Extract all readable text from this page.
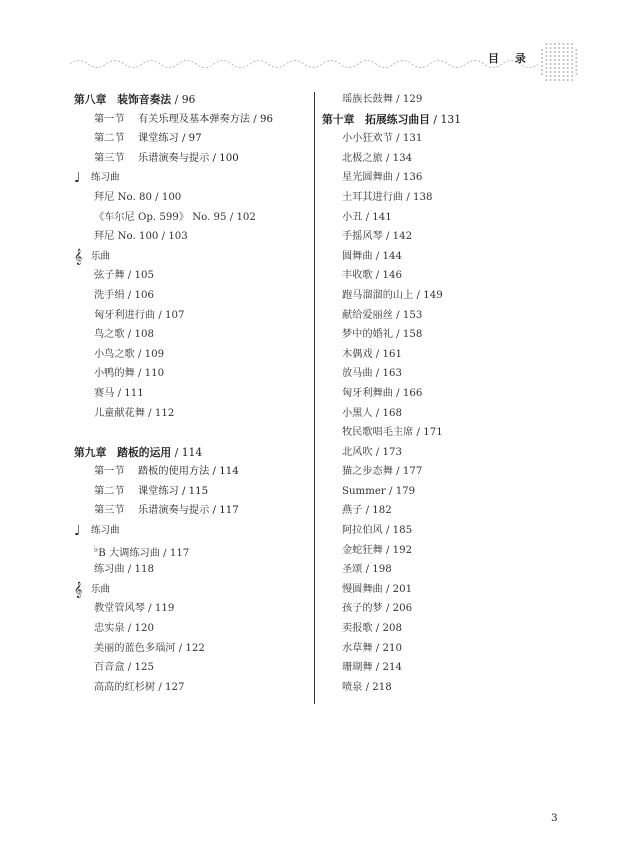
目 录
第八章　装饰音奏法 / 96
第一节 有关乐理及基本弹奏方法 / 96
第二节 课堂练习 / 97
第三节 乐谱演奏与提示 / 100
♩	练习曲
拜尼 No. 80 / 100
《车尔尼 Op. 599》 No. 95 / 102
拜尼 No. 100 / 103
𝄞 乐曲
弦子舞 / 105
洗手绢 / 106
匈牙利进行曲 / 107
鸟之歌 / 108
小鸟之歌 / 109
小鸭的舞 / 110
赛马 / 111
儿童献花舞 / 112
第九章　踏板的运用 / 114
第一节 踏板的使用方法 / 114
第二节 课堂练习 / 115
第三节 乐谱演奏与提示 / 117
♩	练习曲
♭B 大调练习曲 / 117
练习曲 / 118
𝄞 乐曲
教堂管风琴 / 119
忠实泉 / 120
美丽的蓝色多瑙河 / 122
百音盒 / 125
高高的红杉树 / 127
瑶族长鼓舞 / 129
第十章　拓展练习曲目 / 131
小小狂欢节 / 131
北极之旅 / 134
星光圆舞曲 / 136
土耳其进行曲 / 138
小丑 / 141
手摇风琴 / 142
圆舞曲 / 144
丰收歌 / 146
跑马溜溜的山上 / 149
献给爱丽丝 / 153
梦中的婚礼 / 158
木偶戏 / 161
放马曲 / 163
匈牙利舞曲 / 166
小黑人 / 168
牧民歌唱毛主席 / 171
北风吹 / 173
猫之步态舞 / 177
Summer / 179
燕子 / 182
阿拉伯风 / 185
金蛇狂舞 / 192
圣颂 / 198
慢圆舞曲 / 201
孩子的梦 / 206
卖报歌 / 208
水草舞 / 210
珊瑚舞 / 214
喷泉 / 218
3
